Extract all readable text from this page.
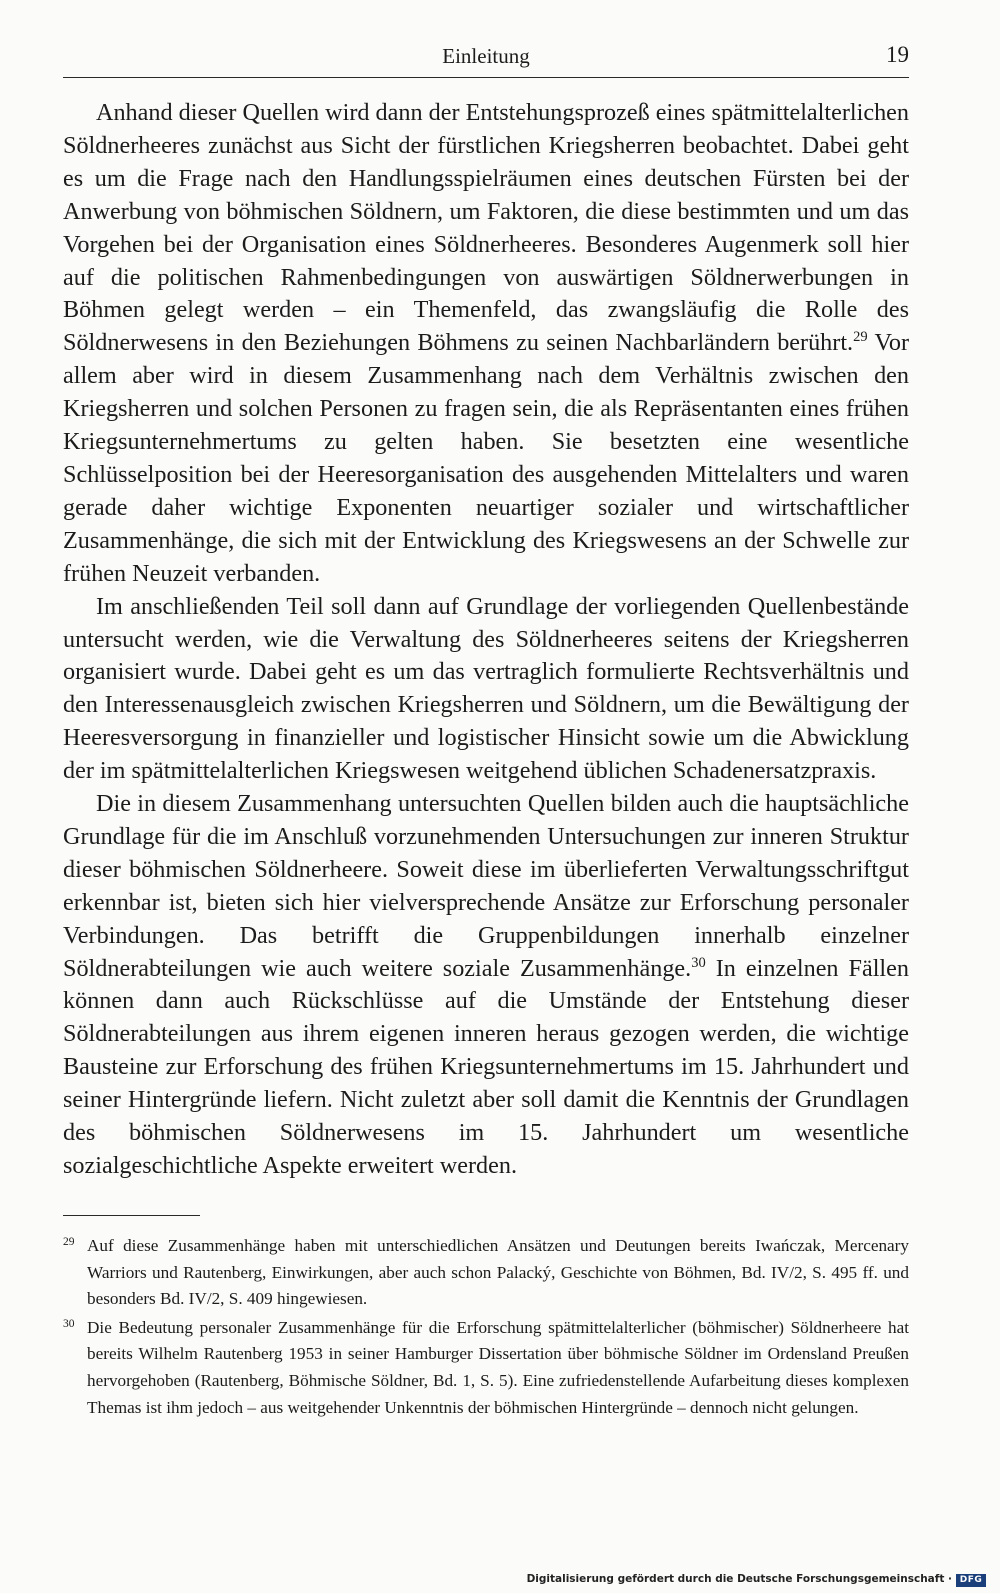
Einleitung	19

Anhand dieser Quellen wird dann der Entstehungsprozeß eines spätmittelalterlichen Söldnerheeres zunächst aus Sicht der fürstlichen Kriegsherren beobachtet. Dabei geht es um die Frage nach den Handlungsspielräumen eines deutschen Fürsten bei der Anwerbung von böhmischen Söldnern, um Faktoren, die diese bestimmten und um das Vorgehen bei der Organisation eines Söldnerheeres. Besonderes Augenmerk soll hier auf die politischen Rahmenbedingungen von auswärtigen Söldnerwerbungen in Böhmen gelegt werden – ein Themenfeld, das zwangsläufig die Rolle des Söldnerwesens in den Beziehungen Böhmens zu seinen Nachbarländern berührt.$^{29}$ Vor allem aber wird in diesem Zusammenhang nach dem Verhältnis zwischen den Kriegsherren und solchen Personen zu fragen sein, die als Repräsentanten eines frühen Kriegsunternehmertums zu gelten haben. Sie besetzten eine wesentliche Schlüsselposition bei der Heeresorganisation des ausgehenden Mittelalters und waren gerade daher wichtige Exponenten neuartiger sozialer und wirtschaftlicher Zusammenhänge, die sich mit der Entwicklung des Kriegswesens an der Schwelle zur frühen Neuzeit verbanden.

Im anschließenden Teil soll dann auf Grundlage der vorliegenden Quellenbestände untersucht werden, wie die Verwaltung des Söldnerheeres seitens der Kriegsherren organisiert wurde. Dabei geht es um das vertraglich formulierte Rechtsverhältnis und den Interessenausgleich zwischen Kriegsherren und Söldnern, um die Bewältigung der Heeresversorgung in finanzieller und logistischer Hinsicht sowie um die Abwicklung der im spätmittelalterlichen Kriegswesen weitgehend üblichen Schadenersatzpraxis.

Die in diesem Zusammenhang untersuchten Quellen bilden auch die hauptsächliche Grundlage für die im Anschluß vorzunehmenden Untersuchungen zur inneren Struktur dieser böhmischen Söldnerheere. Soweit diese im überlieferten Verwaltungsschriftgut erkennbar ist, bieten sich hier vielversprechende Ansätze zur Erforschung personaler Verbindungen. Das betrifft die Gruppenbildungen innerhalb einzelner Söldnerabteilungen wie auch weitere soziale Zusammenhänge.$^{30}$ In einzelnen Fällen können dann auch Rückschlüsse auf die Umstände der Entstehung dieser Söldnerabteilungen aus ihrem eigenen inneren heraus gezogen werden, die wichtige Bausteine zur Erforschung des frühen Kriegsunternehmertums im 15. Jahrhundert und seiner Hintergründe liefern. Nicht zuletzt aber soll damit die Kenntnis der Grundlagen des böhmischen Söldnerwesens im 15. Jahrhundert um wesentliche sozialgeschichtliche Aspekte erweitert werden.

29 Auf diese Zusammenhänge haben mit unterschiedlichen Ansätzen und Deutungen bereits Iwańczak, Mercenary Warriors und Rautenberg, Einwirkungen, aber auch schon Palacký, Geschichte von Böhmen, Bd. IV/2, S. 495 ff. und besonders Bd. IV/2, S. 409 hingewiesen.

30 Die Bedeutung personaler Zusammenhänge für die Erforschung spätmittelalterlicher (böhmischer) Söldnerheere hat bereits Wilhelm Rautenberg 1953 in seiner Hamburger Dissertation über böhmische Söldner im Ordensland Preußen hervorgehoben (Rautenberg, Böhmische Söldner, Bd. 1, S. 5). Eine zufriedenstellende Aufarbeitung dieses komplexen Themas ist ihm jedoch – aus weitgehender Unkenntnis der böhmischen Hintergründe – dennoch nicht gelungen.

Digitalisierung gefördert durch die Deutsche Forschungsgemeinschaft · DFG
